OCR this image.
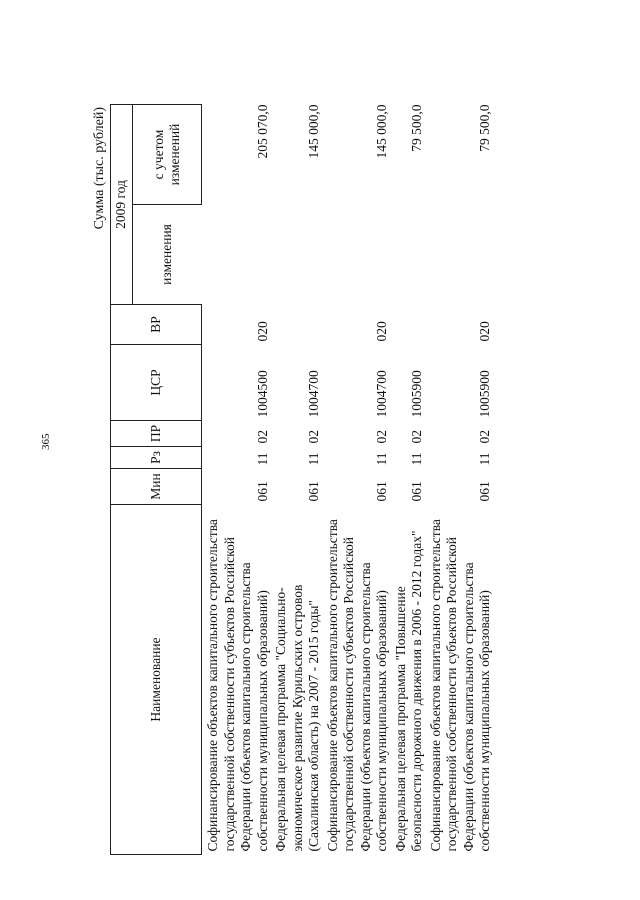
365
Сумма (тыс. рублей)
Наименование	Мин	Рз	ПР	ЦСР	ВР	2009 год	
						изменения	с учетом изменений
Софинансирование объектов капитального строительства государственной собственности субъектов Российской Федерации (объектов капитального строительства собственности муниципальных образований)	061	11	02	1004500	020		205 070,0
Федеральная целевая программа "Социально-экономическое развитие Курильских островов (Сахалинская область) на 2007 - 2015 годы"	061	11	02	1004700			145 000,0
Софинансирование объектов капитального строительства государственной собственности субъектов Российской Федерации (объектов капитального строительства собственности муниципальных образований)	061	11	02	1004700	020		145 000,0
Федеральная целевая программа "Повышение безопасности дорожного движения в 2006 - 2012 годах"	061	11	02	1005900			79 500,0
Софинансирование объектов капитального строительства государственной собственности субъектов Российской Федерации (объектов капитального строительства собственности муниципальных образований)	061	11	02	1005900	020		79 500,0
